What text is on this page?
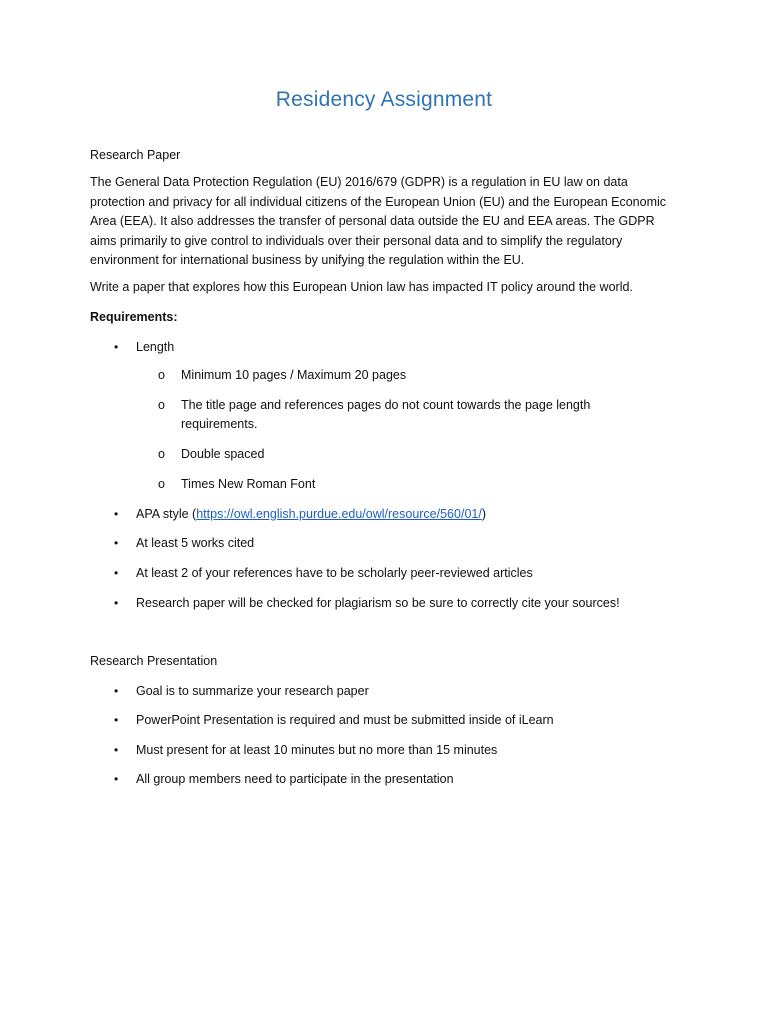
Residency Assignment
Research Paper
The General Data Protection Regulation (EU) 2016/679 (GDPR) is a regulation in EU law on data protection and privacy for all individual citizens of the European Union (EU) and the European Economic Area (EEA). It also addresses the transfer of personal data outside the EU and EEA areas. The GDPR aims primarily to give control to individuals over their personal data and to simplify the regulatory environment for international business by unifying the regulation within the EU.
Write a paper that explores how this European Union law has impacted IT policy around the world.
Requirements:
• Length
o Minimum 10 pages / Maximum 20 pages
o The title page and references pages do not count towards the page length requirements.
o Double spaced
o Times New Roman Font
• APA style (https://owl.english.purdue.edu/owl/resource/560/01/)
• At least 5 works cited
• At least 2 of your references have to be scholarly peer-reviewed articles
• Research paper will be checked for plagiarism so be sure to correctly cite your sources!
Research Presentation
• Goal is to summarize your research paper
• PowerPoint Presentation is required and must be submitted inside of iLearn
• Must present for at least 10 minutes but no more than 15 minutes
• All group members need to participate in the presentation
